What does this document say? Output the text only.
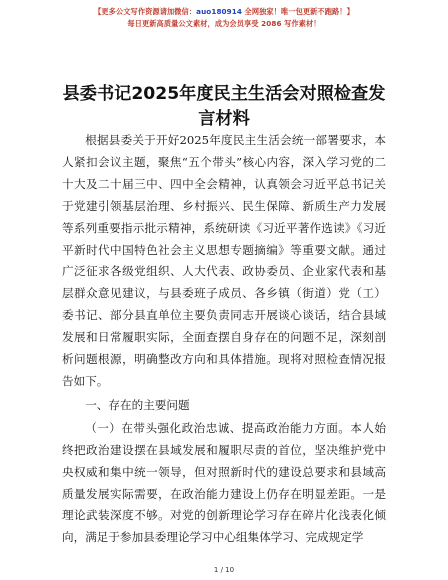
【更多公文写作资源请加微信：auo180914 全网独家！唯一包更新不跑路！】
每日更新高质量公文素材，成为会员享受 2086 写作素材！
县委书记2025年度民主生活会对照检查发言材料

根据县委关于开好2025年度民主生活会统一部署要求，本人紧扣会议主题，聚焦“五个带头”核心内容，深入学习党的二十大及二十届三中、四中全会精神，认真领会习近平总书记关于党建引领基层治理、乡村振兴、民生保障、新质生产力发展等系列重要指示批示精神，系统研读《习近平著作选读》《习近平新时代中国特色社会主义思想专题摘编》等重要文献。通过广泛征求各级党组织、人大代表、政协委员、企业家代表和基层群众意见建议，与县委班子成员、各乡镇（街道）党（工）委书记、部分县直单位主要负责同志开展谈心谈话，结合县域发展和日常履职实际，全面查摆自身存在的问题不足，深刻剖析问题根源，明确整改方向和具体措施。现将对照检查情况报告如下。

一、存在的主要问题

（一）在带头强化政治忠诚、提高政治能力方面。本人始终把政治建设摆在县域发展和履职尽责的首位，坚决维护党中央权威和集中统一领导，但对照新时代的建设总要求和县域高质量发展实际需要，在政治能力建设上仍存在明显差距。一是理论武装深度不够。对党的创新理论学习存在碎片化浅表化倾向，满足于参加县委理论学习中心组集体学习、完成规定学

1 / 10
